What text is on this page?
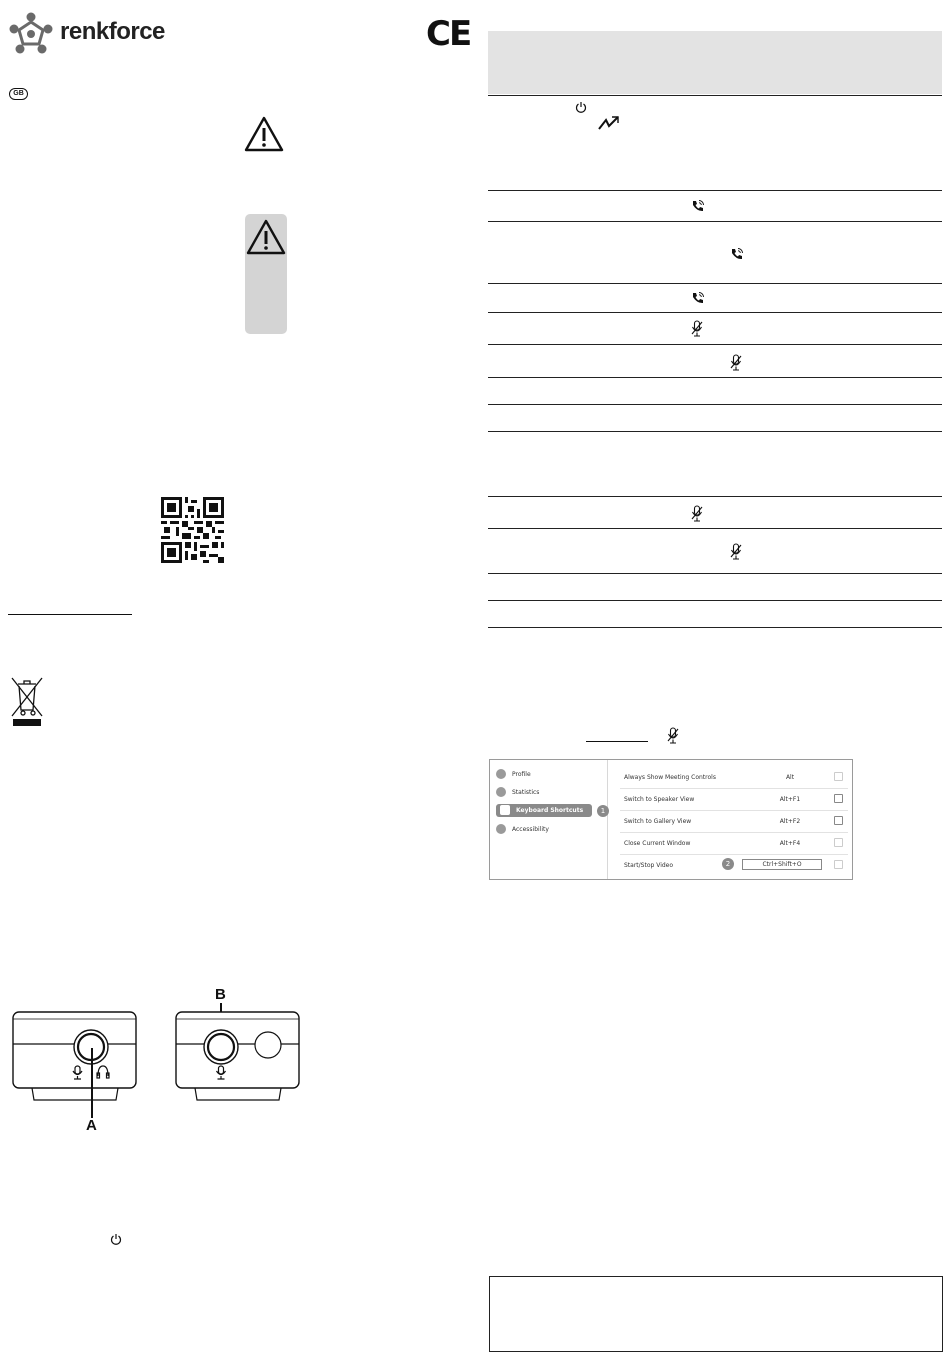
renkforce	CE
GB
A
B
Profile
Statistics
Keyboard Shortcuts
Accessibility
1
Always Show Meeting Controls	Alt
Switch to Speaker View	Alt+F1
Switch to Gallery View	Alt+F2
Close Current Window	Alt+F4
Start/Stop Video	2	Ctrl+Shift+O
